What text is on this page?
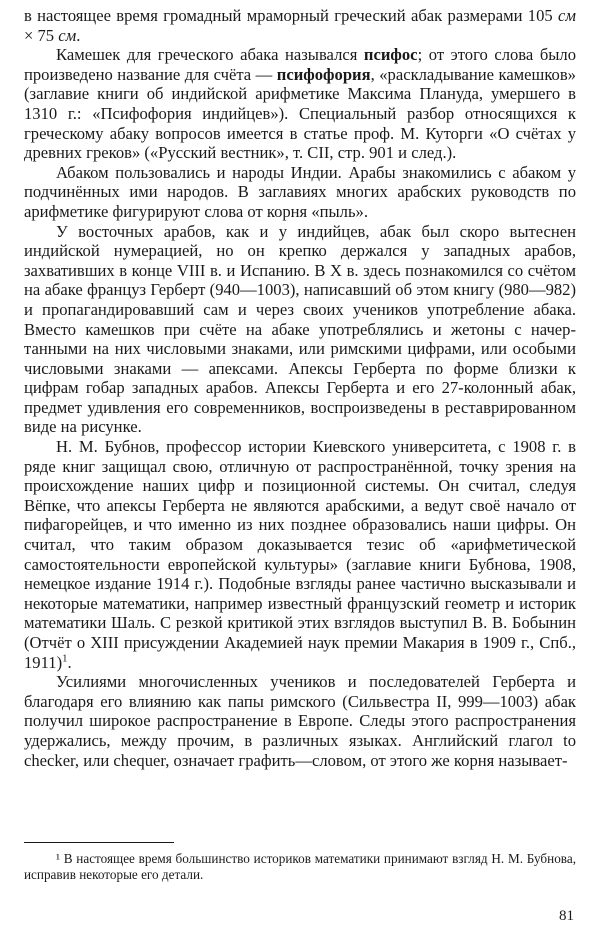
в настоящее время громадный мраморный греческий абак размерами 105 см × 75 см.

Камешек для греческого абака назывался псифос; от этого слова было произведено название для счёта — псифофория, «раскладывание камешков» (заглавие книги об индийской арифметике Максима Плануда, умершего в 1310 г.: «Псифофория индийцев»). Специальный разбор относящихся к греческому абаку вопросов имеется в статье проф. М. Куторги «О счётах у древних греков» («Русский вестник», т. CII, стр. 901 и след.).

Абаком пользовались и народы Индии. Арабы знакомились с абаком у подчинённых ими народов. В заглавиях многих арабских руководств по арифметике фигурируют слова от корня «пыль».

У восточных арабов, как и у индийцев, абак был скоро вытеснен индийской нумерацией, но он крепко держался у западных арабов, захвативших в конце VIII в. и Испанию. В X в. здесь познакомился со счётом на абаке француз Герберт (940—1003), написавший об этом книгу (980—982) и пропагандировавший сам и через своих учеников употребление абака. Вместо камешков при счёте на абаке употреблялись и жетоны с начертанными на них числовыми знаками, или римскими цифрами, или особыми числовыми знаками — апексами. Апексы Герберта по форме близки к цифрам гобар западных арабов. Апексы Герберта и его 27-колонный абак, предмет удивления его современников, воспроизведены в реставрированном виде на рисунке.

Н. М. Бубнов, профессор истории Киевского университета, с 1908 г. в ряде книг защищал свою, отличную от распространённой, точку зрения на происхождение наших цифр и позиционной системы. Он считал, следуя Вёпке, что апексы Герберта не являются арабскими, а ведут своё начало от пифагорейцев, и что именно из них позднее образовались наши цифры. Он считал, что таким образом доказывается тезис об «арифметической самостоятельности европейской культуры» (заглавие книги Бубнова, 1908, немецкое издание 1914 г.). Подобные взгляды ранее частично высказывали и некоторые математики, например известный французский геометр и историк математики Шаль. С резкой критикой этих взглядов выступил В. В. Бобынин (Отчёт о XIII присуждении Академией наук премии Макария в 1909 г., Спб., 1911)$^1$.

Усилиями многочисленных учеников и последователей Герберта и благодаря его влиянию как папы римского (Сильвестра II, 999—1003) абак получил широкое распространение в Европе. Следы этого распространения удержались, между прочим, в различных языках. Английский глагол to checker, или chequer, означает графить—словом, от этого же корня называет-

¹ В настоящее время большинство историков математики принимают взгляд Н. М. Бубнова, исправив некоторые его детали.

81
